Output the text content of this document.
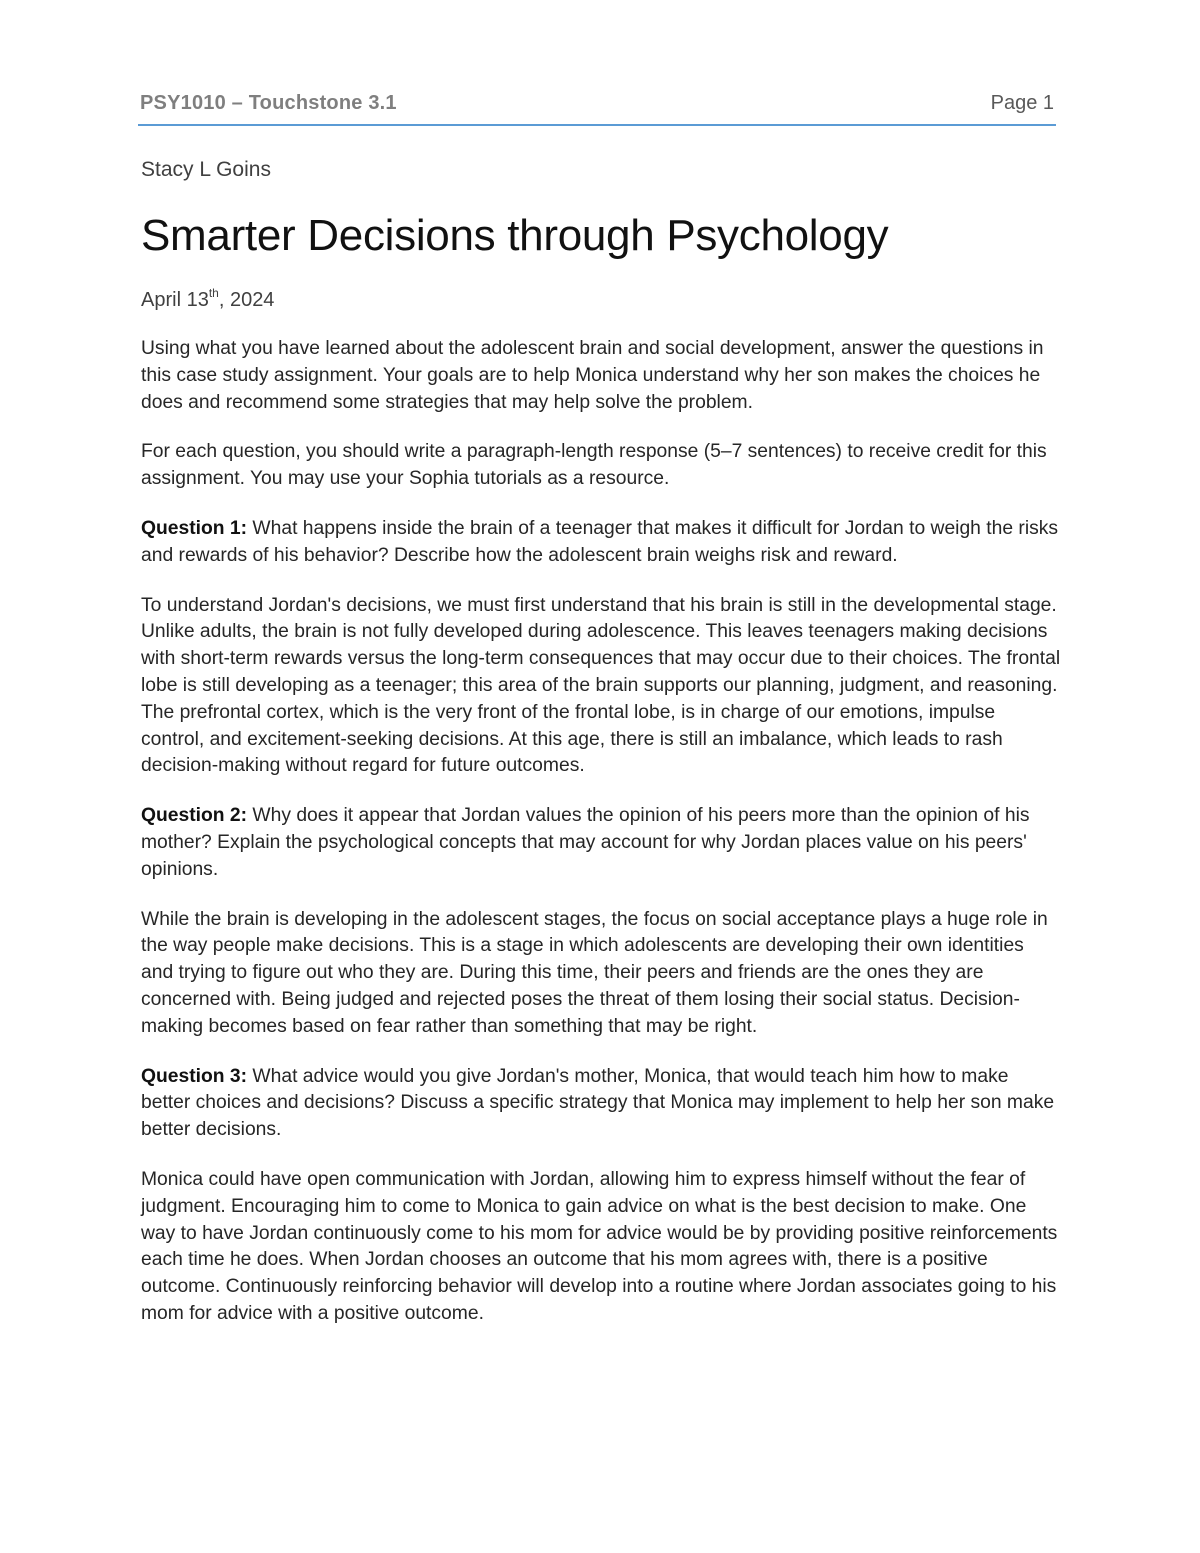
PSY1010 – Touchstone 3.1	Page 1

Stacy L Goins

Smarter Decisions through Psychology

April 13th, 2024

Using what you have learned about the adolescent brain and social development, answer the questions in this case study assignment. Your goals are to help Monica understand why her son makes the choices he does and recommend some strategies that may help solve the problem.

For each question, you should write a paragraph-length response (5–7 sentences) to receive credit for this assignment. You may use your Sophia tutorials as a resource.

Question 1: What happens inside the brain of a teenager that makes it difficult for Jordan to weigh the risks and rewards of his behavior? Describe how the adolescent brain weighs risk and reward.

To understand Jordan's decisions, we must first understand that his brain is still in the developmental stage. Unlike adults, the brain is not fully developed during adolescence. This leaves teenagers making decisions with short-term rewards versus the long-term consequences that may occur due to their choices. The frontal lobe is still developing as a teenager; this area of the brain supports our planning, judgment, and reasoning. The prefrontal cortex, which is the very front of the frontal lobe, is in charge of our emotions, impulse control, and excitement-seeking decisions. At this age, there is still an imbalance, which leads to rash decision-making without regard for future outcomes.

Question 2: Why does it appear that Jordan values the opinion of his peers more than the opinion of his mother? Explain the psychological concepts that may account for why Jordan places value on his peers' opinions.

While the brain is developing in the adolescent stages, the focus on social acceptance plays a huge role in the way people make decisions. This is a stage in which adolescents are developing their own identities and trying to figure out who they are. During this time, their peers and friends are the ones they are concerned with. Being judged and rejected poses the threat of them losing their social status. Decision-making becomes based on fear rather than something that may be right.

Question 3: What advice would you give Jordan's mother, Monica, that would teach him how to make better choices and decisions? Discuss a specific strategy that Monica may implement to help her son make better decisions.

Monica could have open communication with Jordan, allowing him to express himself without the fear of judgment. Encouraging him to come to Monica to gain advice on what is the best decision to make. One way to have Jordan continuously come to his mom for advice would be by providing positive reinforcements each time he does. When Jordan chooses an outcome that his mom agrees with, there is a positive outcome. Continuously reinforcing behavior will develop into a routine where Jordan associates going to his mom for advice with a positive outcome.
